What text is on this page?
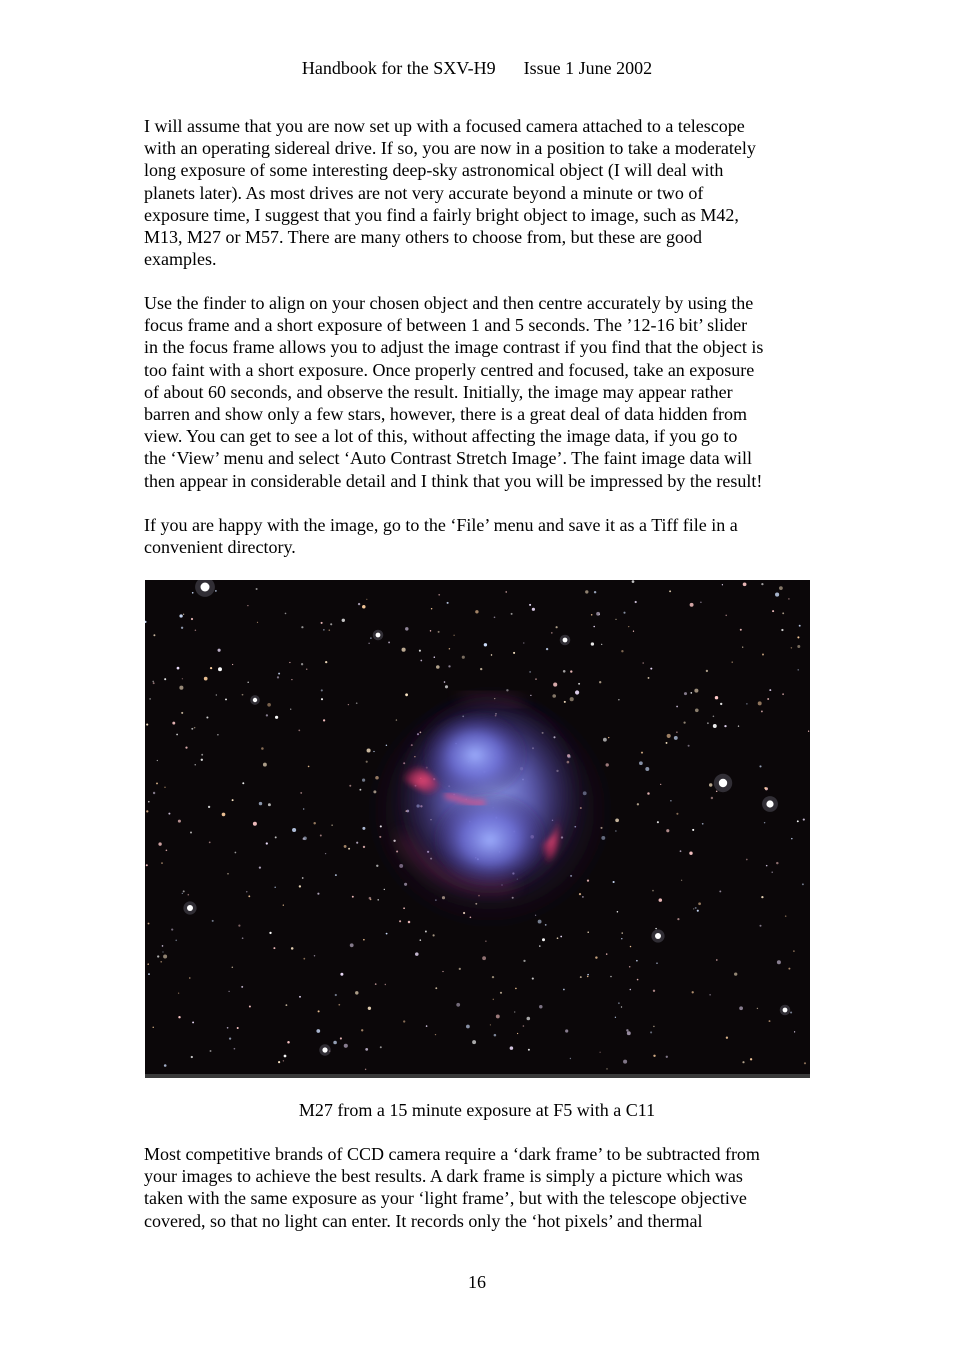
Handbook for the SXV-H9 Issue 1 June 2002

I will assume that you are now set up with a focused camera attached to a telescope
with an operating sidereal drive. If so, you are now in a position to take a moderately
long exposure of some interesting deep-sky astronomical object (I will deal with
planets later). As most drives are not very accurate beyond a minute or two of
exposure time, I suggest that you find a fairly bright object to image, such as M42,
M13, M27 or M57. There are many others to choose from, but these are good
examples.

Use the finder to align on your chosen object and then centre accurately by using the
focus frame and a short exposure of between 1 and 5 seconds. The ’12-16 bit’ slider
in the focus frame allows you to adjust the image contrast if you find that the object is
too faint with a short exposure. Once properly centred and focused, take an exposure
of about 60 seconds, and observe the result. Initially, the image may appear rather
barren and show only a few stars, however, there is a great deal of data hidden from
view. You can get to see a lot of this, without affecting the image data, if you go to
the ‘View’ menu and select ‘Auto Contrast Stretch Image’. The faint image data will
then appear in considerable detail and I think that you will be impressed by the result!

If you are happy with the image, go to the ‘File’ menu and save it as a Tiff file in a
convenient directory.

M27 from a 15 minute exposure at F5 with a C11

Most competitive brands of CCD camera require a ‘dark frame’ to be subtracted from
your images to achieve the best results. A dark frame is simply a picture which was
taken with the same exposure as your ‘light frame’, but with the telescope objective
covered, so that no light can enter. It records only the ‘hot pixels’ and thermal

16
